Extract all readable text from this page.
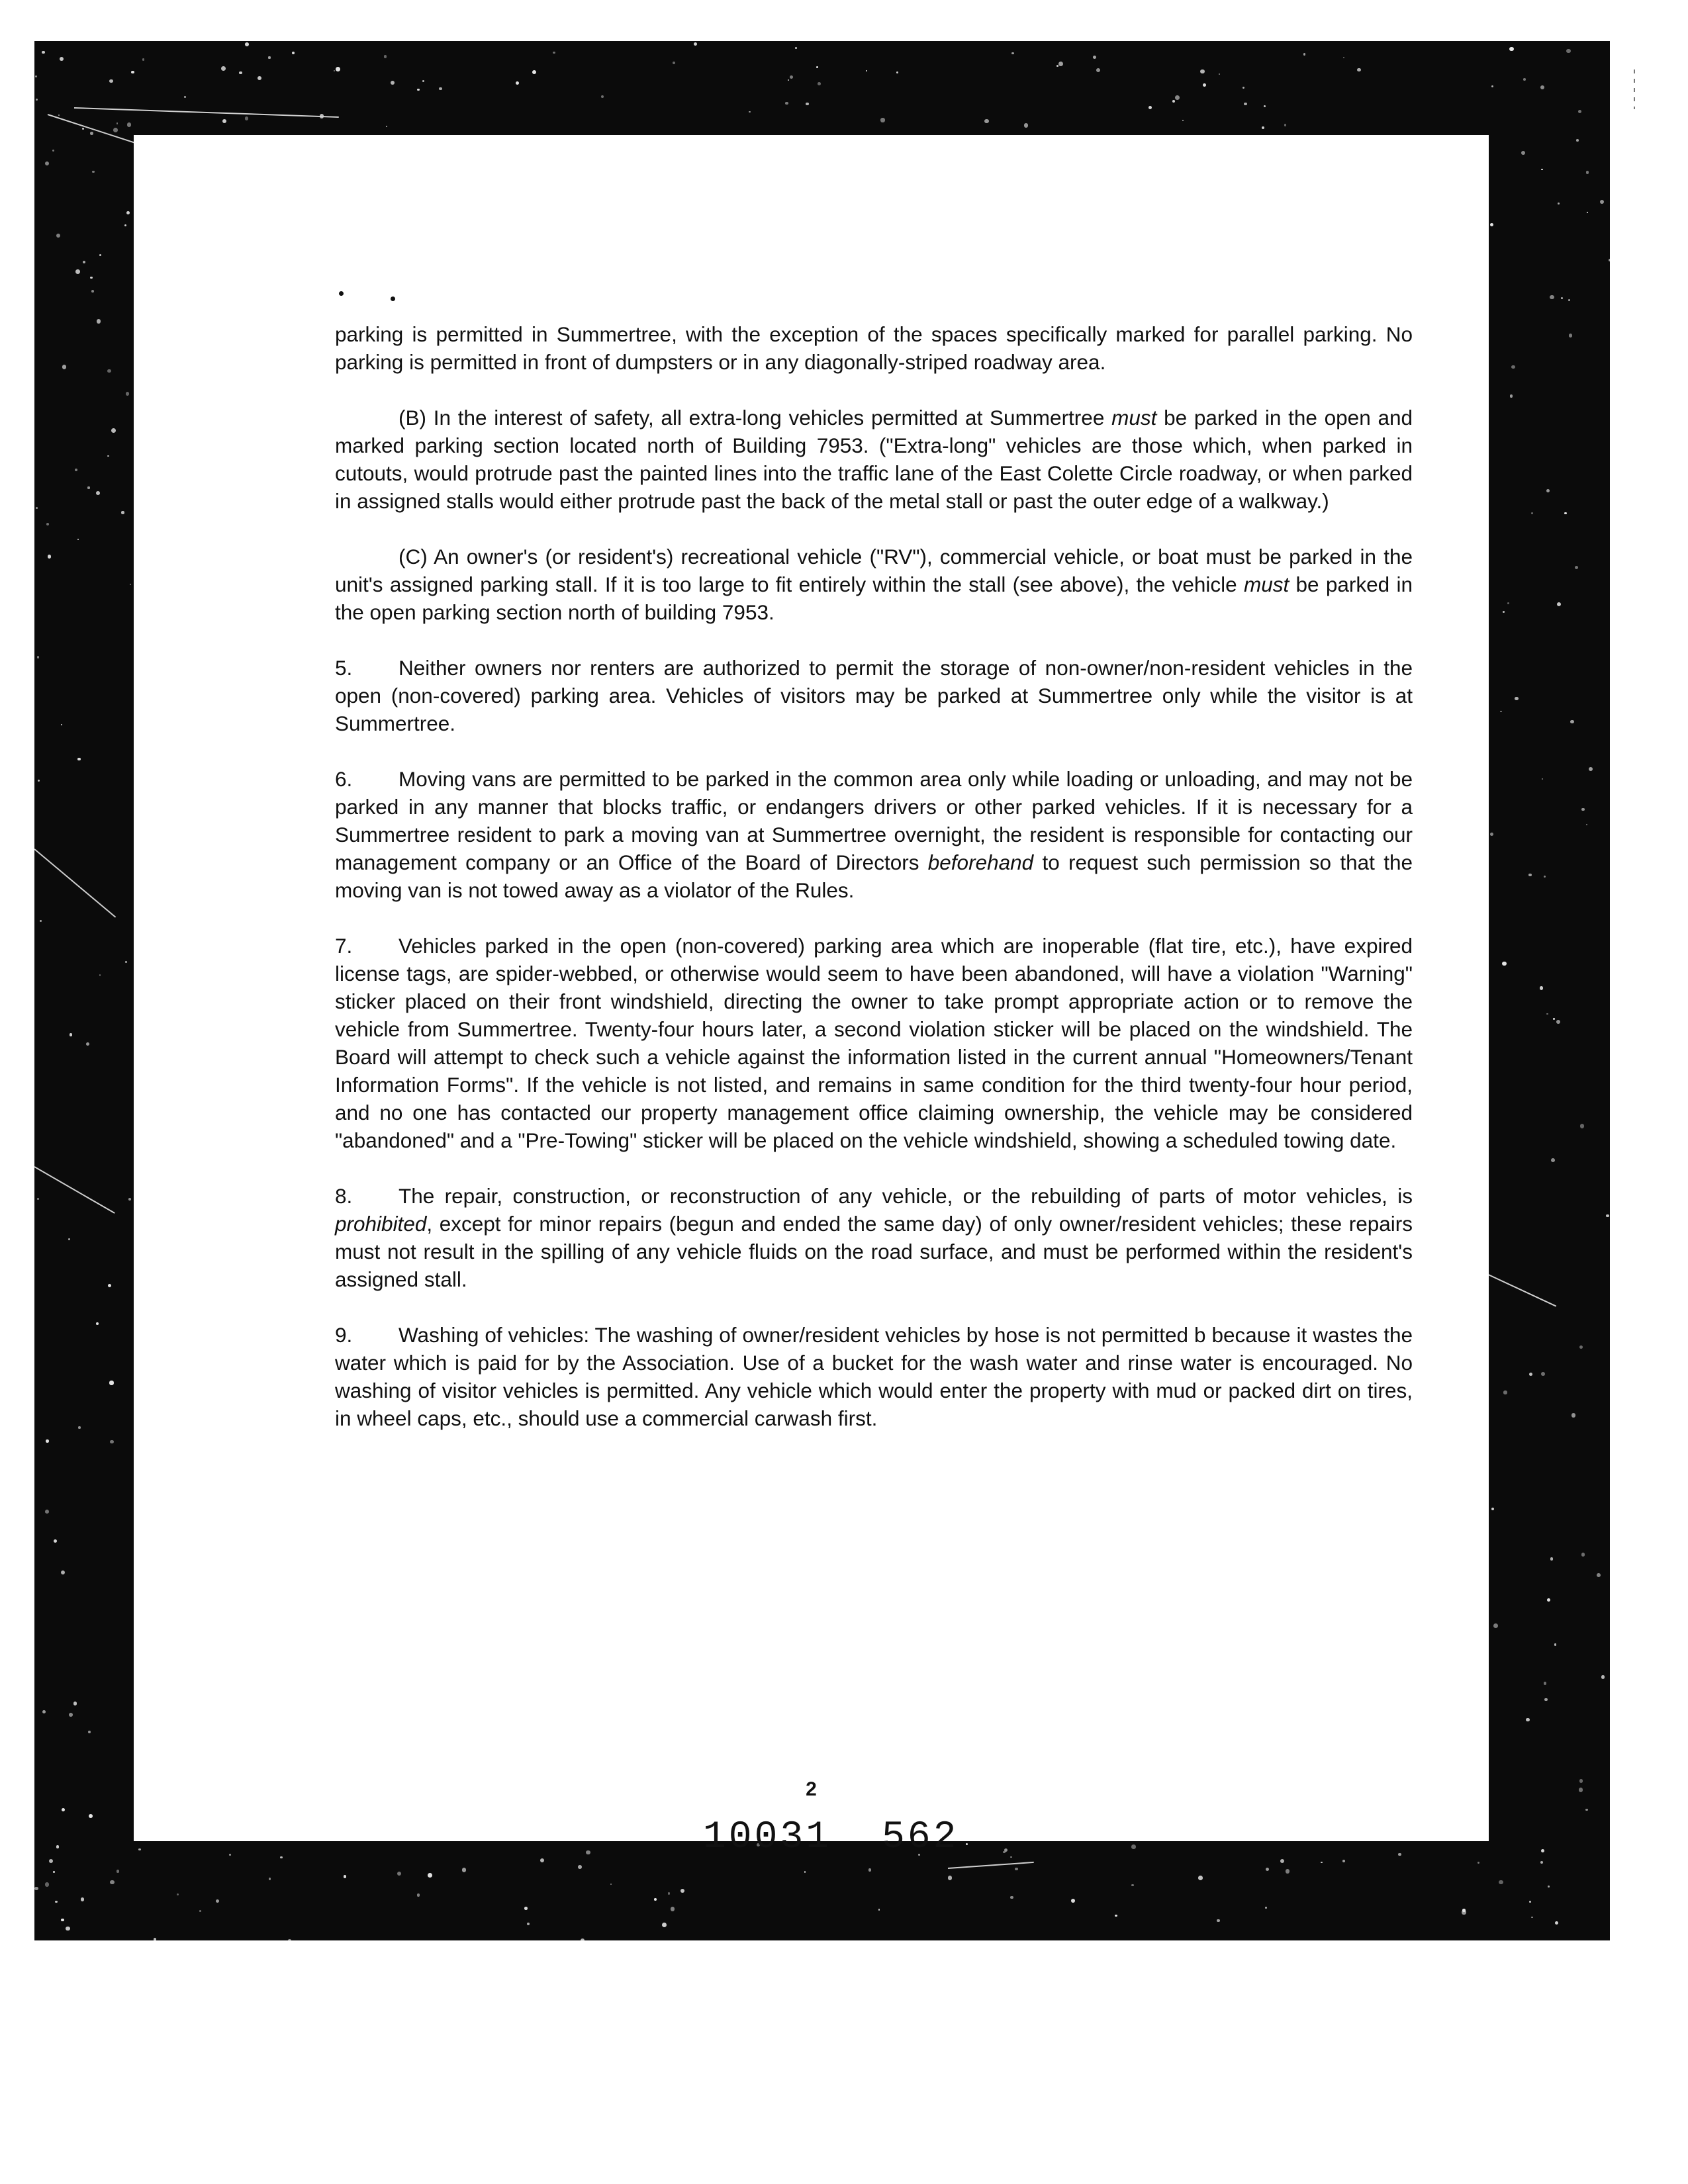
parking is permitted in Summertree, with the exception of the spaces specifically marked for parallel parking. No parking is permitted in front of dumpsters or in any diagonally-striped roadway area.

(B) In the interest of safety, all extra-long vehicles permitted at Summertree must be parked in the open and marked parking section located north of Building 7953. ("Extra-long" vehicles are those which, when parked in cutouts, would protrude past the painted lines into the traffic lane of the East Colette Circle roadway, or when parked in assigned stalls would either protrude past the back of the metal stall or past the outer edge of a walkway.)

(C) An owner's (or resident's) recreational vehicle ("RV"), commercial vehicle, or boat must be parked in the unit's assigned parking stall. If it is too large to fit entirely within the stall (see above), the vehicle must be parked in the open parking section north of building 7953.

5. Neither owners nor renters are authorized to permit the storage of non-owner/non-resident vehicles in the open (non-covered) parking area. Vehicles of visitors may be parked at Summertree only while the visitor is at Summertree.

6. Moving vans are permitted to be parked in the common area only while loading or unloading, and may not be parked in any manner that blocks traffic, or endangers drivers or other parked vehicles. If it is necessary for a Summertree resident to park a moving van at Summertree overnight, the resident is responsible for contacting our management company or an Office of the Board of Directors beforehand to request such permission so that the moving van is not towed away as a violator of the Rules.

7. Vehicles parked in the open (non-covered) parking area which are inoperable (flat tire, etc.), have expired license tags, are spider-webbed, or otherwise would seem to have been abandoned, will have a violation "Warning" sticker placed on their front windshield, directing the owner to take prompt appropriate action or to remove the vehicle from Summertree. Twenty-four hours later, a second violation sticker will be placed on the windshield. The Board will attempt to check such a vehicle against the information listed in the current annual "Homeowners/Tenant Information Forms". If the vehicle is not listed, and remains in same condition for the third twenty-four hour period, and no one has contacted our property management office claiming ownership, the vehicle may be considered "abandoned" and a "Pre-Towing" sticker will be placed on the vehicle windshield, showing a scheduled towing date.

8. The repair, construction, or reconstruction of any vehicle, or the rebuilding of parts of motor vehicles, is prohibited, except for minor repairs (begun and ended the same day) of only owner/resident vehicles; these repairs must not result in the spilling of any vehicle fluids on the road surface, and must be performed within the resident's assigned stall.

9. Washing of vehicles: The washing of owner/resident vehicles by hose is not permitted b because it wastes the water which is paid for by the Association. Use of a bucket for the wash water and rinse water is encouraged. No washing of visitor vehicles is permitted. Any vehicle which would enter the property with mud or packed dirt on tires, in wheel caps, etc., should use a commercial carwash first.

2
10031 562
